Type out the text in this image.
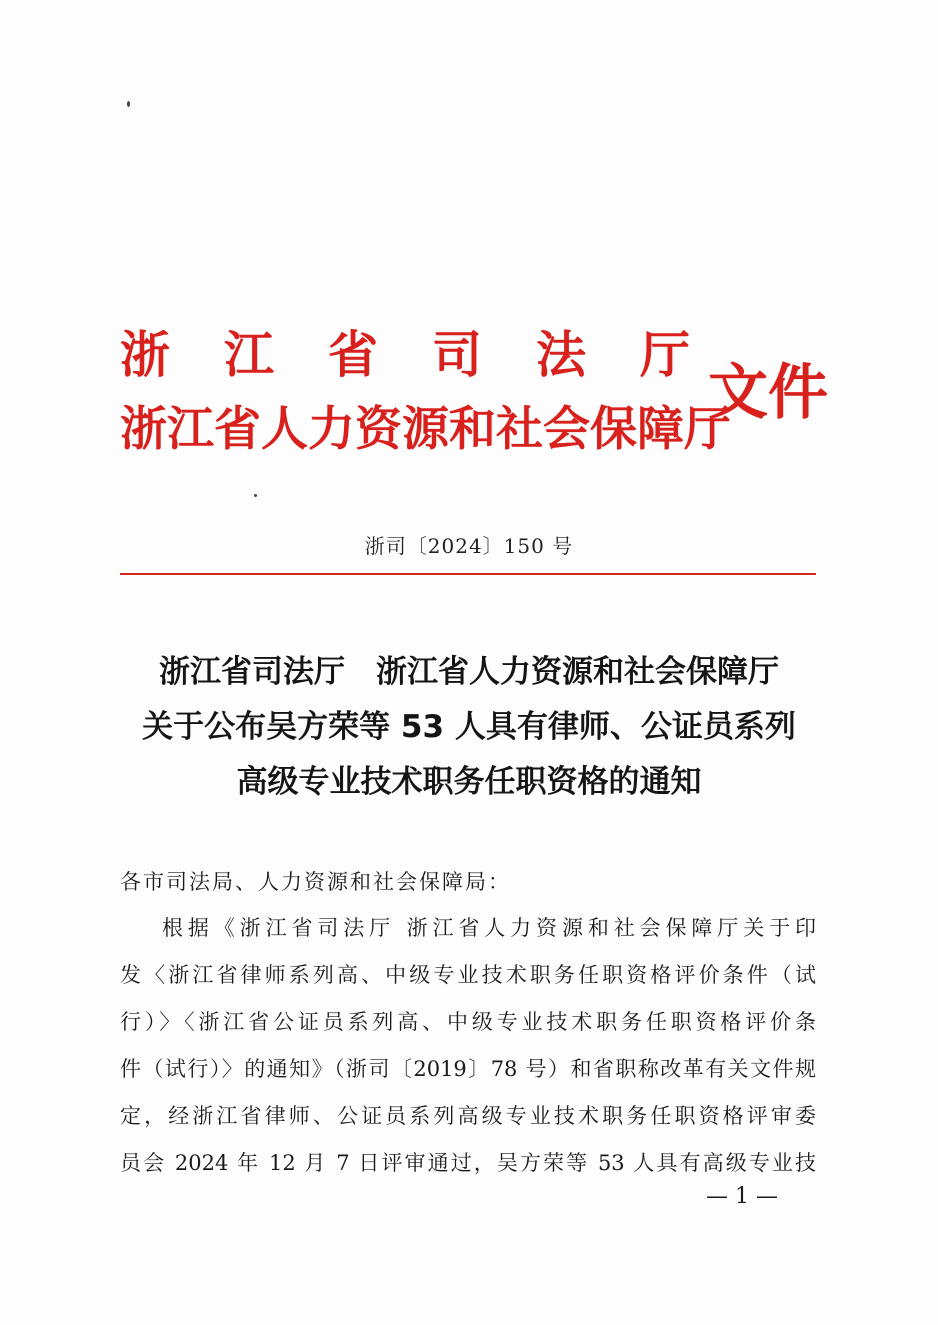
浙 江 省 司 法 厅
浙江省人力资源和社会保障厅
文件
浙司〔2024〕150 号
浙江省司法厅　浙江省人力资源和社会保障厅
关于公布吴方荣等 53 人具有律师、公证员系列
高级专业技术职务任职资格的通知
各市司法局、人力资源和社会保障局：
根据《浙江省司法厅 浙江省人力资源和社会保障厅关于印
发〈浙江省律师系列高、中级专业技术职务任职资格评价条件（试
行）〉〈浙江省公证员系列高、中级专业技术职务任职资格评价条
件（试行）〉的通知》（浙司〔2019〕78 号）和省职称改革有关文件规
定，经浙江省律师、公证员系列高级专业技术职务任职资格评审委
员会 2024 年 12 月 7 日评审通过，吴方荣等 53 人具有高级专业技
— 1 —
